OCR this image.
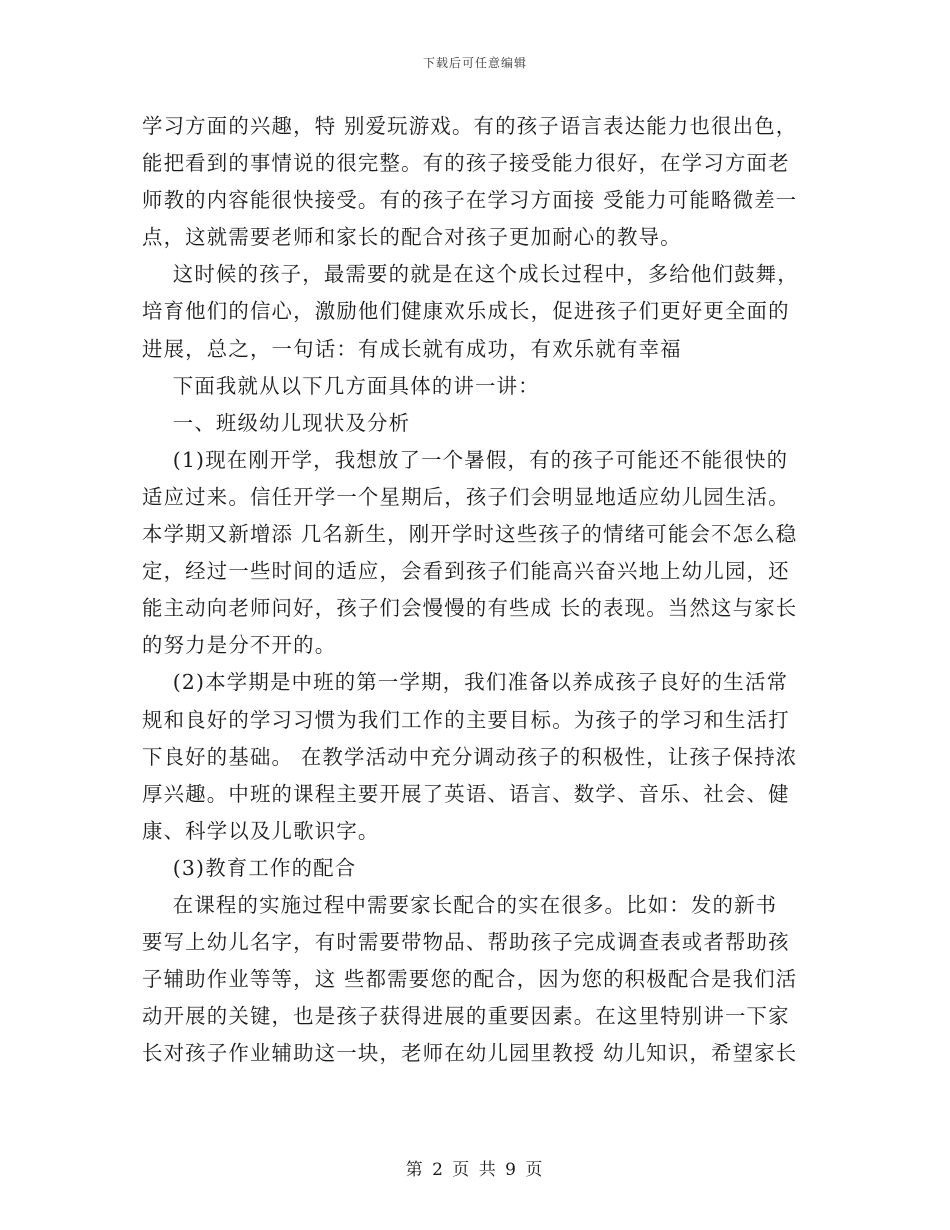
下载后可任意编辑
学习方面的兴趣，特 别爱玩游戏。有的孩子语言表达能力也很出色，
能把看到的事情说的很完整。有的孩子接受能力很好，在学习方面老
师教的内容能很快接受。有的孩子在学习方面接 受能力可能略微差一
点，这就需要老师和家长的配合对孩子更加耐心的教导。
这时候的孩子，最需要的就是在这个成长过程中，多给他们鼓舞，
培育他们的信心，激励他们健康欢乐成长，促进孩子们更好更全面的
进展，总之，一句话：有成长就有成功，有欢乐就有幸福
下面我就从以下几方面具体的讲一讲：
一、班级幼儿现状及分析
(1)现在刚开学，我想放了一个暑假，有的孩子可能还不能很快的
适应过来。信任开学一个星期后，孩子们会明显地适应幼儿园生活。
本学期又新增添 几名新生，刚开学时这些孩子的情绪可能会不怎么稳
定，经过一些时间的适应，会看到孩子们能高兴奋兴地上幼儿园，还
能主动向老师问好，孩子们会慢慢的有些成 长的表现。当然这与家长
的努力是分不开的。
(2)本学期是中班的第一学期，我们准备以养成孩子良好的生活常
规和良好的学习习惯为我们工作的主要目标。为孩子的学习和生活打
下良好的基础。 在教学活动中充分调动孩子的积极性，让孩子保持浓
厚兴趣。中班的课程主要开展了英语、语言、数学、音乐、社会、健
康、科学以及儿歌识字。
(3)教育工作的配合
在课程的实施过程中需要家长配合的实在很多。比如：发的新书
要写上幼儿名字，有时需要带物品、帮助孩子完成调查表或者帮助孩
子辅助作业等等，这 些都需要您的配合，因为您的积极配合是我们活
动开展的关键，也是孩子获得进展的重要因素。在这里特别讲一下家
长对孩子作业辅助这一块，老师在幼儿园里教授 幼儿知识，希望家长
第 2 页 共 9 页
